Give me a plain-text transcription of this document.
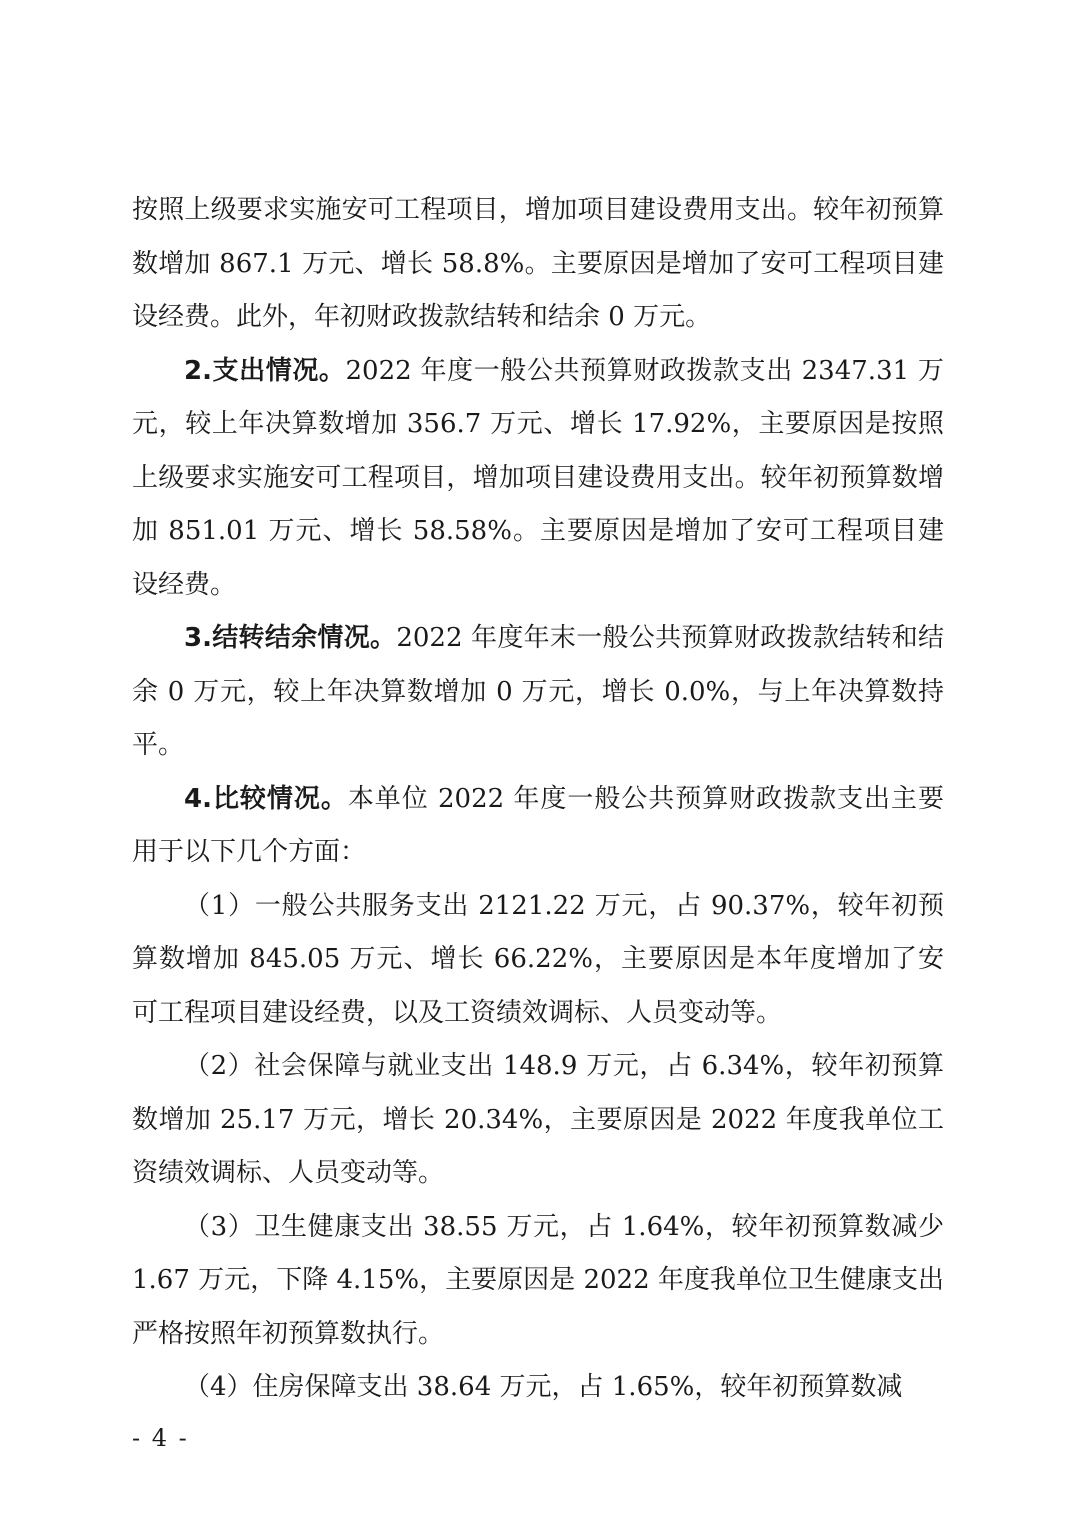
按照上级要求实施安可工程项目，增加项目建设费用支出。较年初预算数增加 867.1 万元、增长 58.8%。主要原因是增加了安可工程项目建设经费。此外，年初财政拨款结转和结余 0 万元。

2.支出情况。2022 年度一般公共预算财政拨款支出 2347.31 万元，较上年决算数增加 356.7 万元、增长 17.92%，主要原因是按照上级要求实施安可工程项目，增加项目建设费用支出。较年初预算数增加 851.01 万元、增长 58.58%。主要原因是增加了安可工程项目建设经费。

3.结转结余情况。2022 年度年末一般公共预算财政拨款结转和结余 0 万元，较上年决算数增加 0 万元，增长 0.0%，与上年决算数持平。

4.比较情况。本单位 2022 年度一般公共预算财政拨款支出主要用于以下几个方面：

（1）一般公共服务支出 2121.22 万元，占 90.37%，较年初预算数增加 845.05 万元、增长 66.22%，主要原因是本年度增加了安可工程项目建设经费，以及工资绩效调标、人员变动等。

（2）社会保障与就业支出 148.9 万元，占 6.34%，较年初预算数增加 25.17 万元，增长 20.34%，主要原因是 2022 年度我单位工资绩效调标、人员变动等。

（3）卫生健康支出 38.55 万元，占 1.64%，较年初预算数减少 1.67 万元，下降 4.15%，主要原因是 2022 年度我单位卫生健康支出严格按照年初预算数执行。

（4）住房保障支出 38.64 万元，占 1.65%，较年初预算数减

- 4 -
